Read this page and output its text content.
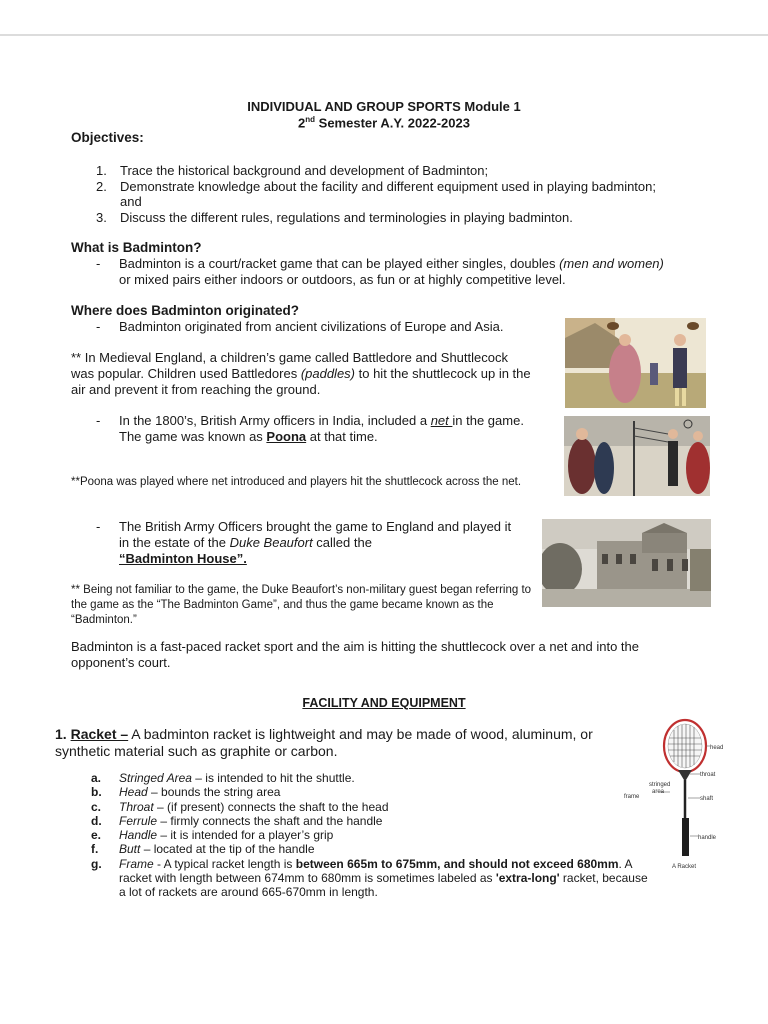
INDIVIDUAL AND GROUP SPORTS Module 1
2nd Semester A.Y. 2022-2023
Objectives:
1. Trace the historical background and development of Badminton;
2. Demonstrate knowledge about the facility and different equipment used in playing badminton; and
3. Discuss the different rules, regulations and terminologies in playing badminton.
What is Badminton?
- Badminton is a court/racket game that can be played either singles, doubles (men and women) or mixed pairs either indoors or outdoors, as fun or at highly competitive level.
Where does Badminton originated?
- Badminton originated from ancient civilizations of Europe and Asia.
** In Medieval England, a children’s game called Battledore and Shuttlecock was popular. Children used Battledores (paddles) to hit the shuttlecock up in the air and prevent it from reaching the ground.
- In the 1800’s, British Army officers in India, included a net in the game.
The game was known as Poona at that time.
**Poona was played where net introduced and players hit the shuttlecock across the net.
- The British Army Officers brought the game to England and played it in the estate of the Duke Beaufort called the
“Badminton House”.
** Being not familiar to the game, the Duke Beaufort’s non-military guest began referring to the game as the “The Badminton Game”, and thus the game became known as the “Badminton.”
Badminton is a fast-paced racket sport and the aim is hitting the shuttlecock over a net and into the opponent’s court.
FACILITY AND EQUIPMENT
1. Racket – A badminton racket is lightweight and may be made of wood, aluminum, or synthetic material such as graphite or carbon.
a. Stringed Area – is intended to hit the shuttle.
b. Head – bounds the string area
c. Throat – (if present) connects the shaft to the head
d. Ferrule – firmly connects the shaft and the handle
e. Handle – it is intended for a player’s grip
f. Butt – located at the tip of the handle
g. Frame - A typical racket length is between 665m to 675mm, and should not exceed 680mm. A racket with length between 674mm to 680mm is sometimes labeled as 'extra-long' racket, because a lot of rackets are around 665-670mm in length.
head
throat
stringed
area
frame	shaft
handle
A Racket
